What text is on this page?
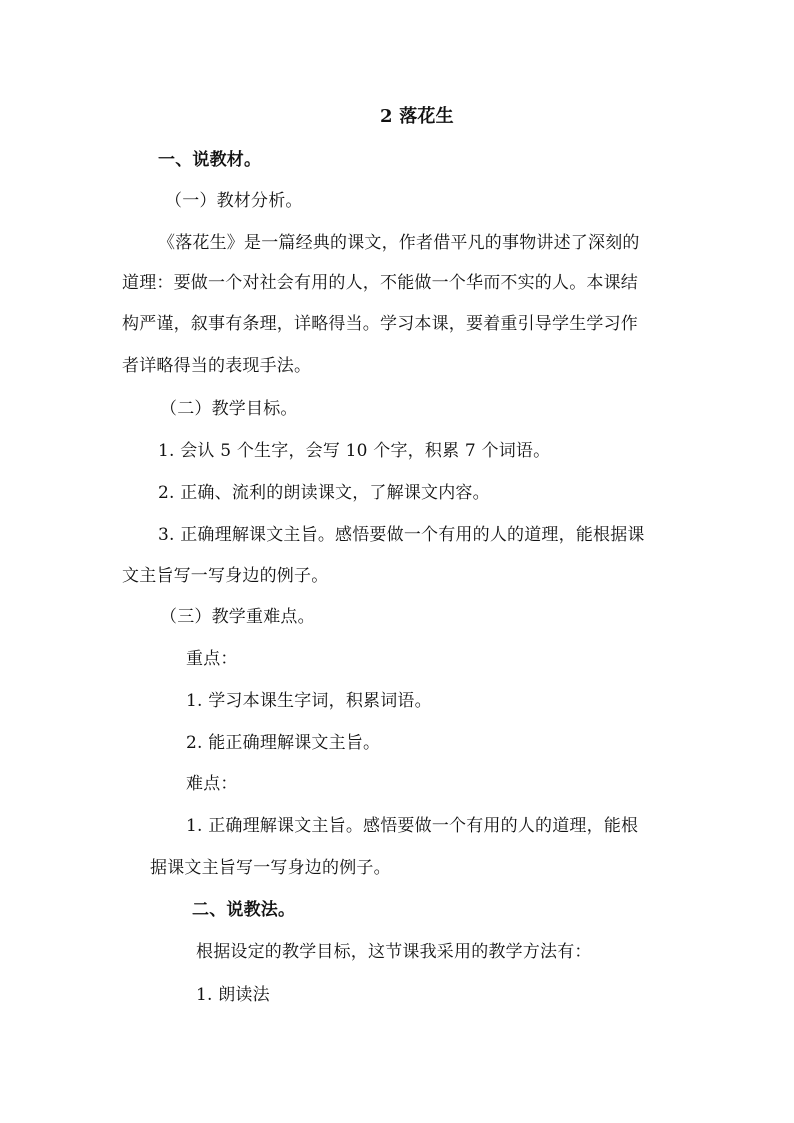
2 落花生
一、说教材。
（一）教材分析。
《落花生》是一篇经典的课文，作者借平凡的事物讲述了深刻的
道理：要做一个对社会有用的人，不能做一个华而不实的人。本课结
构严谨，叙事有条理，详略得当。学习本课，要着重引导学生学习作
者详略得当的表现手法。
（二）教学目标。
1. 会认 5 个生字，会写 10 个字，积累 7 个词语。
2. 正确、流利的朗读课文，了解课文内容。
3. 正确理解课文主旨。感悟要做一个有用的人的道理，能根据课
文主旨写一写身边的例子。
（三）教学重难点。
重点：
1. 学习本课生字词，积累词语。
2. 能正确理解课文主旨。
难点：
1. 正确理解课文主旨。感悟要做一个有用的人的道理，能根
据课文主旨写一写身边的例子。
二、说教法。
根据设定的教学目标，这节课我采用的教学方法有：
1. 朗读法
